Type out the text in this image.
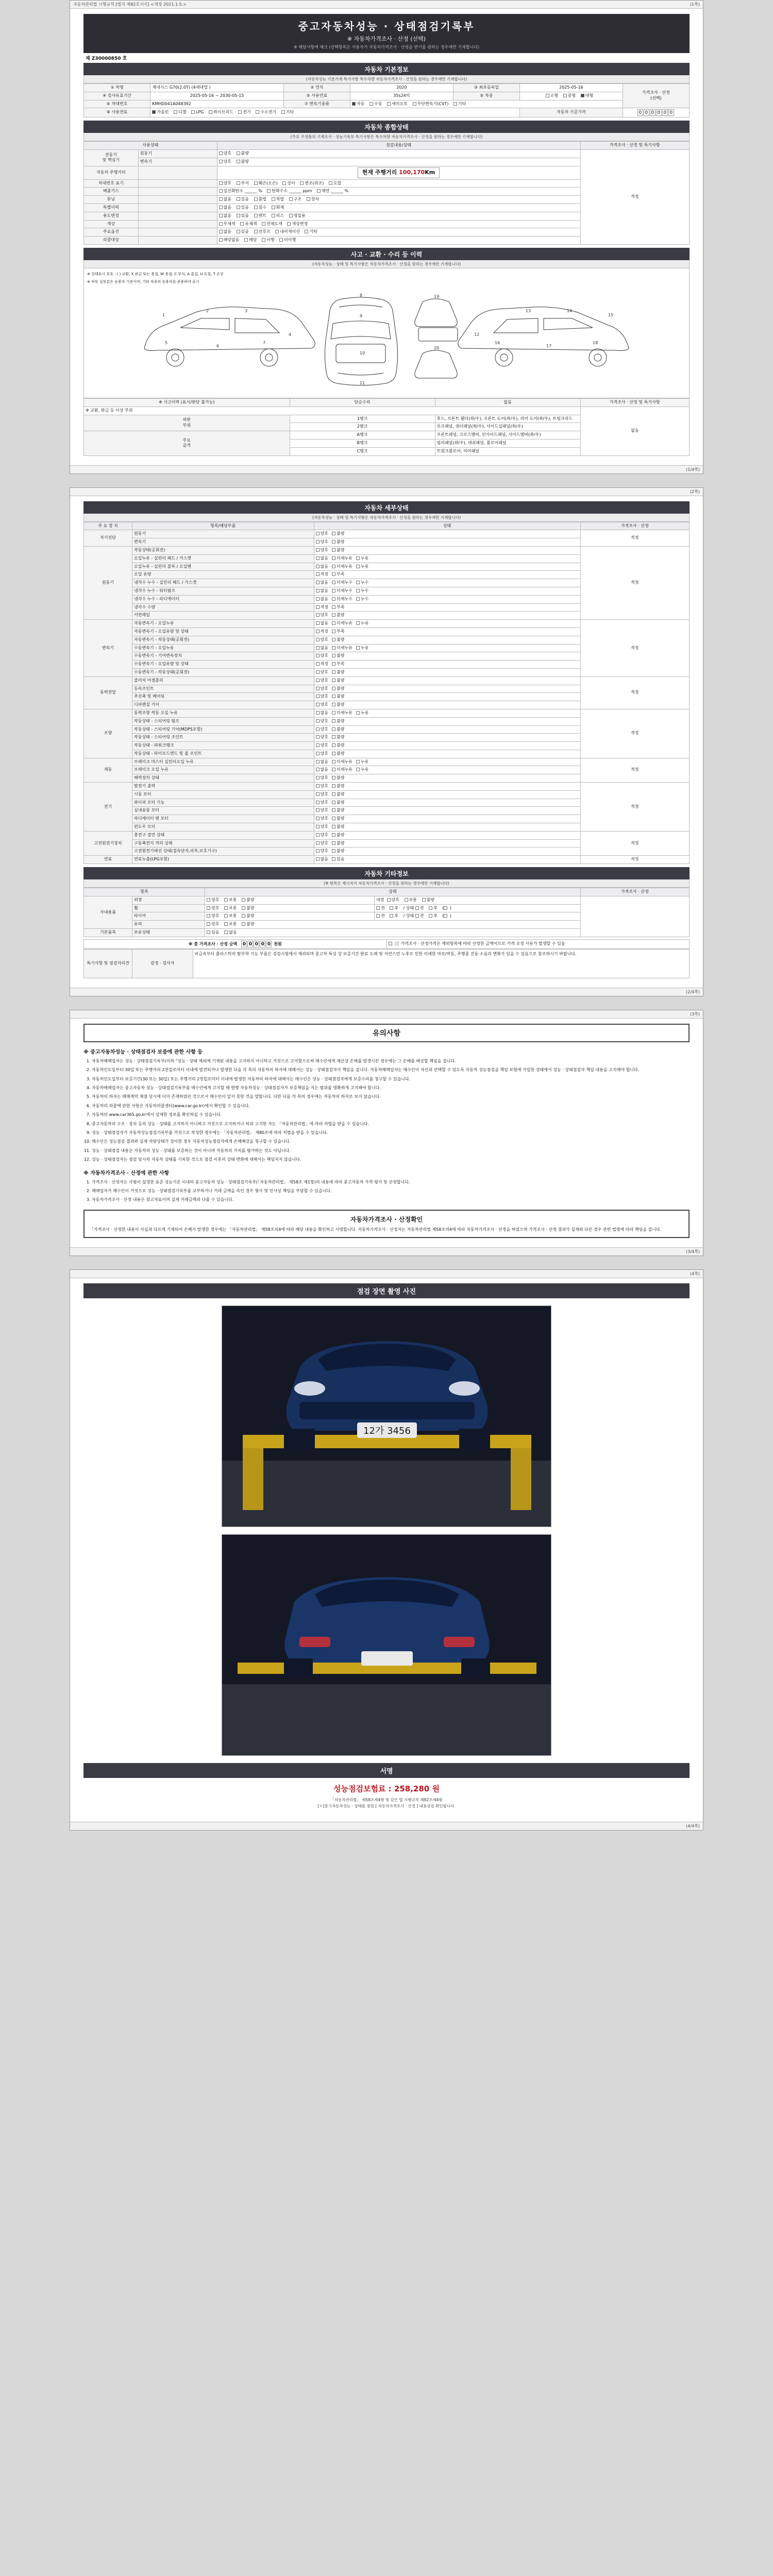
자동차관리법 시행규칙 [별지 제82호서식] <개정 2021.1.5.>	(1쪽)
중고자동차성능 · 상태점검기록부
※ 자동차가격조사 · 산정 (선택)
※ 해당사항에 체크 (선택항목은 사용자가 자동차가격조사 · 산정을 받기를 원하는 경우에만 기재합니다)
제 Z30000850 호
자동차 기본정보
(자동차성능 기본기재 특기사항 특수차량 자동차가격조사 · 산정을 원하는 경우에만 기재합니다)
① 차명	제네시스 G70(2.0T) (4세대앨 )	② 연식	2020	③ 최초등록일	2025-05-16	가격조사 · 산정
(선택)
④ 검사유효기간	2025-05-16 ~ 2030-05-15	⑤ 사용연료	35s24익	⑤ 차종	소형 중형 대형	
⑥ 차대번호	KMHD041A048392	⑦ 변속기종류	자동 수동 세미오토 무단변속기(CVT) 기타			
⑧ 사용연료	가솔린 디젤 LPG 하이브리드 전기 수소전기 기타				자동차 기준가격	0 0 0 0 0 0
자동차 종합상태
(주요 구성품의 기계조사 · 성능기록부 특기사항은 특수차량 자동차가격조사 · 산정을 원하는 경우에만 기재합니다)
사용상태		점검내용/상태	가격조사 · 산정 및 특기사항
전동기
및 핵심기	원동기	양호 불량	적정
	변속기	양호 불량	
자동차 주행거리		현재 주행거리 100,170Km	
차대번호 표기		양호 부식 훼손(오손) 상이 변조(위조) 도말	
배출가스		일산화탄소 ______ % 탄화수소 ______ ppm 매연 ______ %	
튜닝		없음 있음 불법 적법 구조 장치	
특별이력		없음 있음 침수 화재	
용도변경		없음 있음 렌트 리스 영업용	
색상		무채색 유채색 전체도색 색상변경	
주요옵션		없음 있음 선루프 내비게이션 기타	
리콜대상		해당없음 해당 이행 미이행	
사고 · 교환 · 수리 등 이력
(자동차성능 · 상태 및 특기사항은 자동차가격조사 · 산정을 원하는 경우에만 기재합니다)
※ 상태표시 부호 : ( ) 교환, X 판금 또는 용접, W 용접, C 부식, A 흠집, U 요철, T 손상
※ 하부 실부분은 승용차 기준이며, 기타 차종의 승용차를 준용하여 표시
1
2	3
4
5
6
7
8
9
10
11
12
13	14
15
16
17
18
19
20
※ 사고이력 (표시/판단 불가능)	단순수리	없음	가격조사 · 산정 및 특기사항
※ 교환, 판금 등 이상 부위			없음
외판
부위	1랭크	후드, 프론트 휀더(좌/우), 프론트 도어(좌/우), 리어 도어(좌/우), 트렁크리드	
	2랭크	루프패널, 쿼터패널(좌/우), 사이드실패널(좌/우)	
주요
골격	A랭크	프론트패널, 크로스멤버, 인사이드패널, 사이드멤버(좌/우)	
	B랭크	필러패널(좌/우), 대쉬패널, 플로어패널	
	C랭크	트렁크플로어, 리어패널	
(1/4쪽)
(2쪽)
자동차 세부상태
(자동차성능 · 상태 및 특기사항은 자동차가격조사 · 산정을 원하는 경우에만 기재합니다)
주 요 장 치	항목/해당부품	상태	가격조사 · 산정
자기진단	원동기	양호 불량	적정
	변속기	양호 불량	
원동기	작동상태(공회전)	양호 불량	적정
	오일누유 - 실린더 헤드 / 가스켓	없음 미세누유 누유	
	오일누유 - 실린더 블록 / 오일팬	없음 미세누유 누유	
	오일 유량	적정 부족	
	냉각수 누수 - 실린더 헤드 / 가스켓	없음 미세누수 누수	
	냉각수 누수 - 워터펌프	없음 미세누수 누수	
	냉각수 누수 - 라디에이터	없음 미세누수 누수	
	냉각수 수량	적정 부족	
	커먼레일	양호 불량	
변속기	자동변속기 - 오일누유	없음 미세누유 누유	적정
	자동변속기 - 오일유량 및 상태	적정 부족	
	자동변속기 - 작동상태(공회전)	양호 불량	
	수동변속기 - 오일누유	없음 미세누유 누유	
	수동변속기 - 기어변속장치	양호 불량	
	수동변속기 - 오일유량 및 상태	적정 부족	
	수동변속기 - 작동상태(공회전)	양호 불량	
동력전달	클러치 어셈블리	양호 불량	적정
	등속조인트	양호 불량	
	추진축 및 베어링	양호 불량	
	디퍼렌셜 기어	양호 불량	
조향	동력조향 작동 오일 누유	없음 미세누유 누유	적정
	작동상태 - 스티어링 펌프	양호 불량	
	작동상태 - 스티어링 기어(MDPS포함)	양호 불량	
	작동상태 - 스티어링 조인트	양호 불량	
	작동상태 - 파워크랭크	양호 불량	
	작동상태 - 타이로드엔드 및 볼 조인트	양호 불량	
제동	브레이크 마스터 실린더오일 누유	없음 미세누유 누유	적정
	브레이크 오일 누유	없음 미세누유 누유	
	배력장치 상태	양호 불량	
전기	발전기 출력	양호 불량	적정
	시동 모터	양호 불량	
	와이퍼 모터 기능	양호 불량	
	실내송풍 모터	양호 불량	
	라디에이터 팬 모터	양호 불량	
	윈도우 모터	양호 불량	
고전원전기장치	충전구 절연 상태	양호 불량	적정
	구동축전지 격리 상태	양호 불량	
	고전원전기배선 상태(접속단자,피복,보호기구)	양호 불량	
연료	연료누출(LPG포함)	없음 있음	적정
자동차 기타정보
(※ 항목은 제시자가 자동차가격조사 · 산정을 원하는 경우에만 기재합니다)
항목		상태		가격조사 · 산정
사내용품	외장	양호 보통 불량	내장  양호 보통 불량	
	휠	양호 보통 불량	전 후 / 상태 전 후 ( )	
	타이어	양호 보통 불량	전 후 / 상태 전 후 ( )	
	유리	양호 보통 불량		
기본품목	보유상태	있음 없음		
※ 총 가격조사 · 산정 금액 0 0 0 0 0 천원	⬜ 가격조사 · 산정가격은 제외항목에 따라 산정한 금액이므로 가격 조정 사유가 발생할 수 있음
특기사항 및 점검자의견	감정 · 검사자	비금속부터 플라스틱의 탈부착 기능 부품은 검검시험에서 제외되며 중고차 특성 상 보증기간 완료 도래 및 자연스런 노후로 인한 미세한 마모/작동, 주행중 진동·소음의 변화가 있을 수 있음으로 참조하시기 바랍니다.
(2/4쪽)
(3쪽)
유의사항
※ 중고자동차성능 · 상태점검자 보증에 관한 사항 등
1. 자동차매매업자는 성능 · 상태점검기록부(이하 "성능 · 상태 제외에 기재된 내용을 고지하지 아니하고 거짓으로 고지함으로써 매수인에게 재산상 손해를 발생시킨 경우에는 그 손해를 배상할 책임을 집니다.
2. 자동차인도일부터 30일 또는 주행거리 2천킬로미터 이내에 발견되거나 발생한 다음 각 목의 자동차의 하자에 대해서는 성능 · 상태점검자가 책임을 집니다. 자동차매매업자는 매수인이 자신과 선택할 수 있도록 자동차 성능점검을 책임 보험에 가입한 상태에서 성능 · 상태점검자 책임 내용을 고지해야 합니다.
3. 자동차인도일부터 보증기간(30 또는 30일) 또는 주행거리 2천킬로미터 이내에 발생한 자동차의 하자에 대해서는 매수인은 성능 · 상태점검자에게 보증수리를 청구할 수 있습니다.
4. 자동차매매업자는 중고자동차 성능 · 상태점검기록부를 매수인에게 고지할 때 현행 자동차성능 · 상태점검자가 보증책임을 지는 범위를 명확하게 고지해야 합니다.
5. 자동차의 하자는 매매계약 체결 당시에 이미 존재하였던 것으로서 매수인이 알지 못한 것을 말합니다. 다만 다음 각 목의 경우에는 자동차의 하자로 보지 않습니다.
6. 자동차의 리콜에 관한 사항은 자동차리콜센터(www.car.go.kr)에서 확인할 수 있습니다.
7. 자동차의 www.car365.go.kr에서 상세한 정보를 확인하실 수 있습니다.
8. 중고자동차의 구조 · 장치 등의 성능 · 상태를 고지하지 아니하고 거짓으로 고지하거나 허위 고지한 자는 「자동차관리법」에 따라 처벌을 받을 수 있습니다.
9. 성능 · 상태점검자가 자동차성능점검기록부를 거짓으로 작성한 경우에는 「자동차관리법」 제80조에 따라 처벌을 받을 수 있습니다.
10. 매수인은 성능점검 결과와 실제 차량상태가 상이한 경우 자동차성능점검자에게 손해배상을 청구할 수 있습니다.
11. 성능 · 상태점검 내용은 자동차의 성능 · 상태를 보증하는 것이 아니며 자동차의 가치를 평가하는 것도 아닙니다.
12. 성능 · 상태점검자는 점검 당시의 자동차 상태를 기록한 것으로 점검 이후의 상태 변화에 대해서는 책임지지 않습니다.
※ 자동차가격조사 · 산정에 관한 사항
1. 가격조사 · 산정자는 사범이 설정한 표준 성능기준 이내의 중고자동차 성능 · 상태점검기록부(「자동차관리법」 제58조 제1항)의 내용에 따라 중고자동차 가격 평가 및 산정합니다.
2. 매매업자가 매수인이 거짓으로 성능 · 상태점검기록부를 교부하거나 거래 금액을 속인 경우 형사 및 민사상 책임을 부담할 수 있습니다.
3. 자동차가격조사 · 산정 내용은 참고자료이며 실제 거래금액과 다를 수 있습니다.
자동차가격조사 · 산정확인
「가격조사 · 산정한 내용이 사실과 다르게 기재되어 손해가 발생한 경우에는 「자동차관리법」 제58조의4에 따라 해당 내용을 확인하고 서명합니다. 자동차가격조사 · 산정자는 자동차관리법 제58조의4에 따라 자동차가격조사 · 산정을 하였으며 가격조사 · 산정 결과가 실제와 다른 경우 관련 법령에 따라 책임을 집니다.
(3/4쪽)
(4쪽)
점검 장면 촬영 사진
12가 3456
서명
성능점검보험료 : 258,280 원
「자동차관리법」 제58조제4항 및 같은 법 시행규칙 제82조제4항
[ㅇ]중고자동차성능 · 상태를 점검 [ 자동차가격조사 · 산정 ] 내용검검 확인합니다.
(4/4쪽)
